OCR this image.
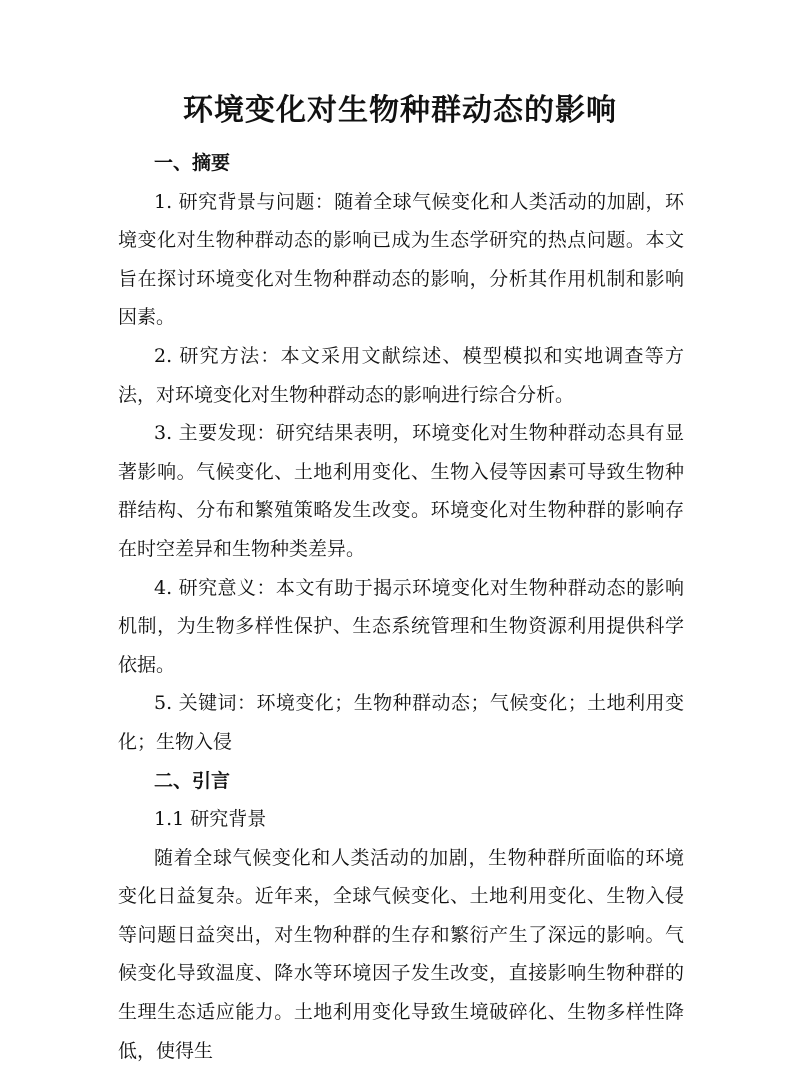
环境变化对生物种群动态的影响

一、摘要

1. 研究背景与问题：随着全球气候变化和人类活动的加剧，环境变化对生物种群动态的影响已成为生态学研究的热点问题。本文旨在探讨环境变化对生物种群动态的影响，分析其作用机制和影响因素。

2. 研究方法：本文采用文献综述、模型模拟和实地调查等方法，对环境变化对生物种群动态的影响进行综合分析。

3. 主要发现：研究结果表明，环境变化对生物种群动态具有显著影响。气候变化、土地利用变化、生物入侵等因素可导致生物种群结构、分布和繁殖策略发生改变。环境变化对生物种群的影响存在时空差异和生物种类差异。

4. 研究意义：本文有助于揭示环境变化对生物种群动态的影响机制，为生物多样性保护、生态系统管理和生物资源利用提供科学依据。

5. 关键词：环境变化；生物种群动态；气候变化；土地利用变化；生物入侵

二、引言

1.1 研究背景

随着全球气候变化和人类活动的加剧，生物种群所面临的环境变化日益复杂。近年来，全球气候变化、土地利用变化、生物入侵等问题日益突出，对生物种群的生存和繁衍产生了深远的影响。气候变化导致温度、降水等环境因子发生改变，直接影响生物种群的生理生态适应能力。土地利用变化导致生境破碎化、生物多样性降低，使得生
